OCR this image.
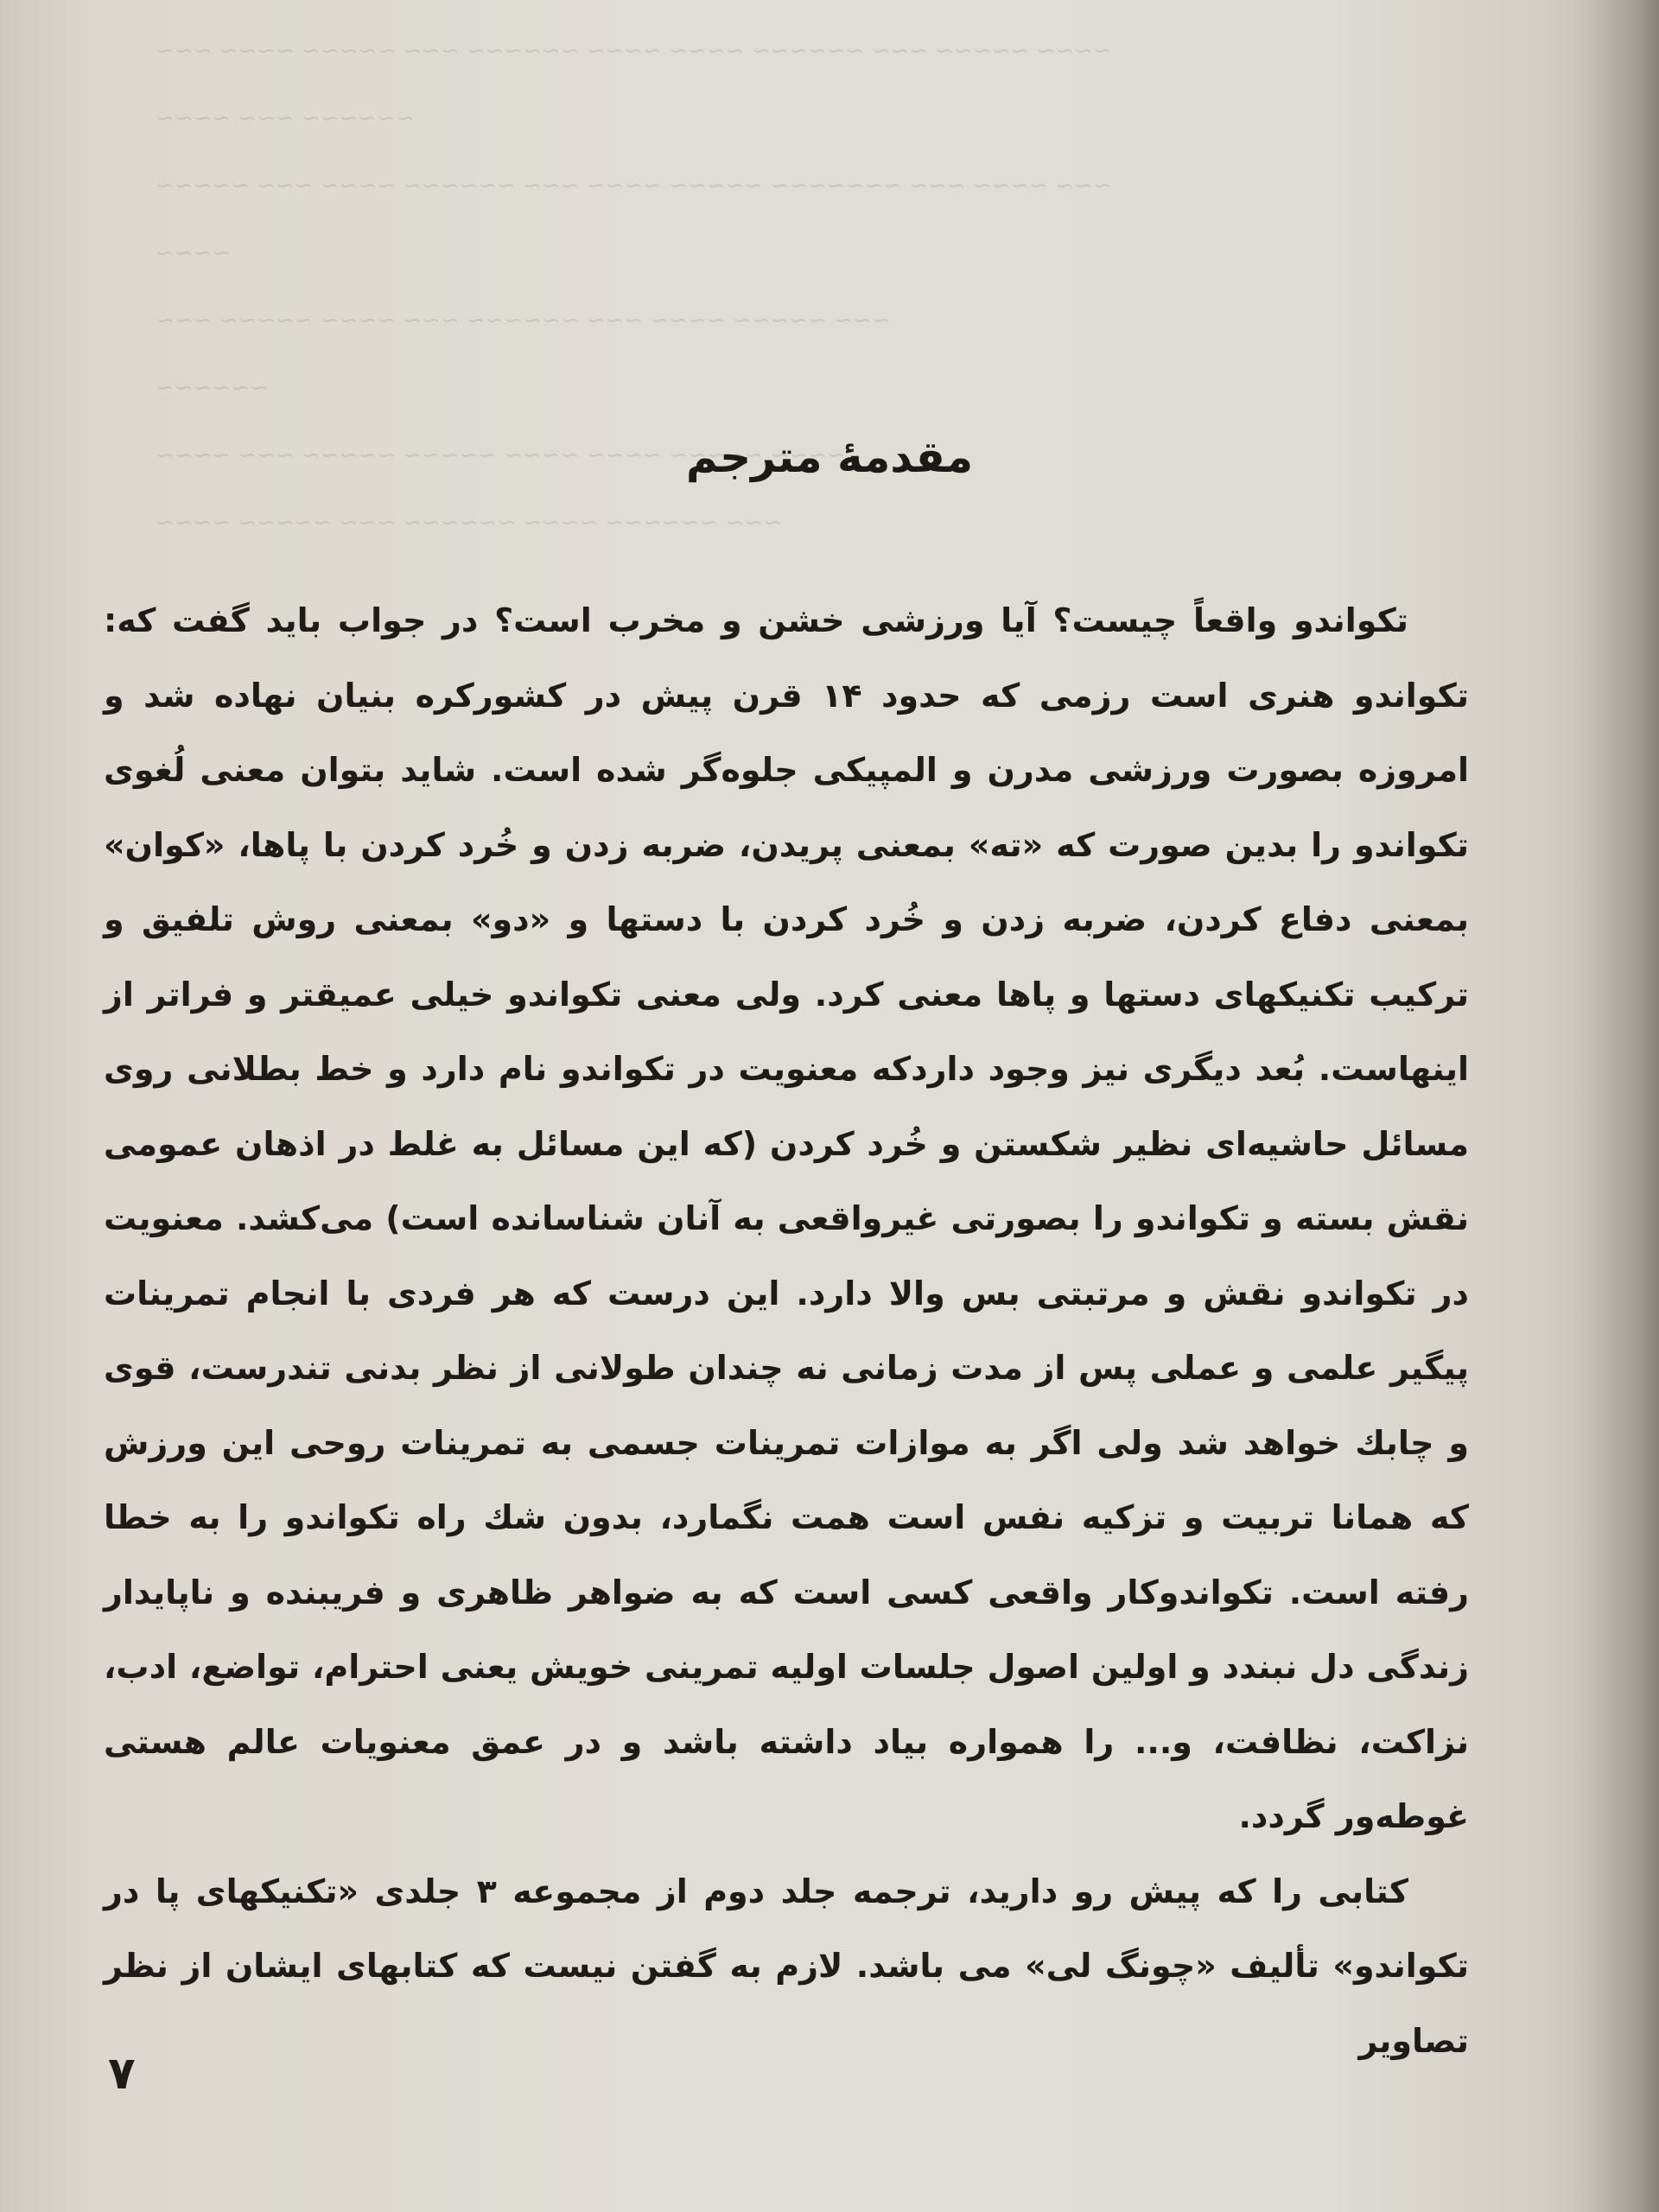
~~~ ~~~~ ~~~~~ ~~~ ~~~~~~ ~~~~ ~~~~ ~~~~~~ ~~~ ~~~~~ ~~~~
~~~~ ~~~ ~~~~~~
~~~~~ ~~~ ~~~~ ~~~~~~ ~~~ ~~~~ ~~~~~ ~~~~~~~ ~~~ ~~~~ ~~~
~~~~
~~~ ~~~~~ ~~~~ ~~~ ~~~~~~ ~~~ ~~~~ ~~~~~ ~~~
~~~~~~
~~~~ ~~~ ~~~~~ ~~~~~ ~~~~ ~~~~ ~~~~~ ~~~~
~~~~ ~~~~~ ~~~ ~~~~~~ ~~~~ ~~~~~~ ~~~
مقدمهٔ مترجم

تکواندو واقعاً چیست؟ آیا ورزشی خشن و مخرب است؟ در جواب باید گفت که: تکواندو هنری است رزمی که حدود ۱۴ قرن پیش در کشورکره بنیان نهاده شد و امروزه بصورت ورزشی مدرن و المپیکی جلوه‌گر شده است. شاید بتوان معنی لُغوی تکواندو را بدین صورت که «ته» بمعنی پریدن، ضربه زدن و خُرد کردن با پاها، «کوان» بمعنی دفاع کردن، ضربه زدن و خُرد کردن با دستها و «دو» بمعنی روش تلفیق و ترکیب تکنیکهای دستها و پاها معنی کرد. ولی معنی تکواندو خیلی عمیقتر و فراتر از اینهاست. بُعد دیگری نیز وجود داردکه معنویت در تکواندو نام دارد و خط بطلانی روی مسائل حاشیه‌ای نظیر شکستن و خُرد کردن (که این مسائل به غلط در اذهان عمومی نقش بسته و تکواندو را بصورتی غیرواقعی به آنان شناسانده است) می‌کشد. معنویت در تکواندو نقش و مرتبتی بس والا دارد. این درست که هر فردی با انجام تمرینات پیگیر علمی و عملی پس از مدت زمانی نه چندان طولانی از نظر بدنی تندرست، قوی و چابك خواهد شد ولی اگر به موازات تمرینات جسمی به تمرینات روحی این ورزش که همانا تربیت و تزکیه نفس است همت نگمارد، بدون شك راه تکواندو را به خطا رفته است. تکواندوکار واقعی کسی است که به ضواهر ظاهری و فریبنده و ناپایدار زندگی دل نبندد و اولین اصول جلسات اولیه تمرینی خویش یعنی احترام، تواضع، ادب، نزاکت، نظافت، و... را همواره بیاد داشته باشد و در عمق معنویات عالم هستی غوطه‌ور گردد.

کتابی را که پیش رو دارید، ترجمه جلد دوم از مجموعه ۳ جلدی «تکنیکهای پا در تکواندو» تألیف «چونگ لی» می باشد. لازم به گفتن نیست که کتابهای ایشان از نظر تصاویر

۷
